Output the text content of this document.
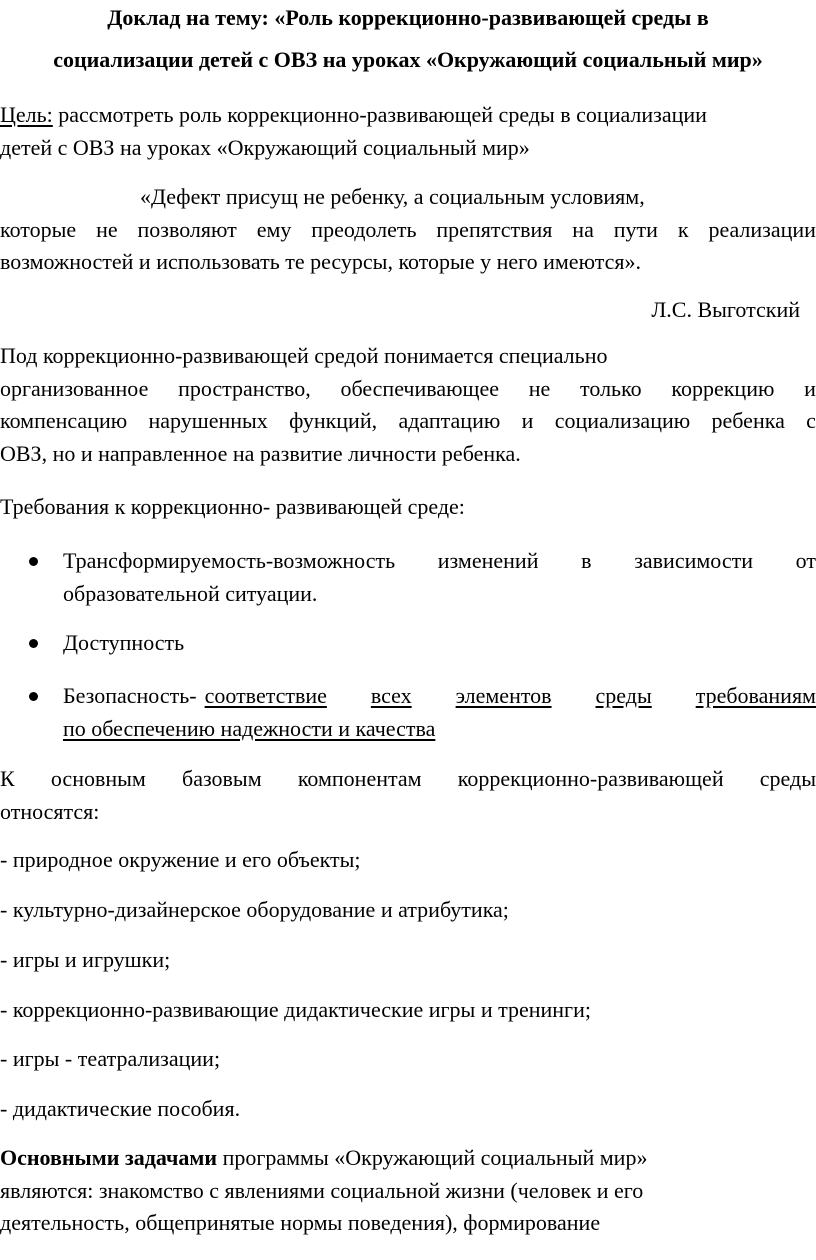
Доклад на тему: «Роль коррекционно-развивающей среды в
социализации детей с ОВЗ на уроках «Окружающий социальный мир»
Цель: рассмотреть роль коррекционно-развивающей среды в социализации
детей с ОВЗ на уроках «Окружающий социальный мир»
«Дефект присущ не ребенку, а социальным условиям,
которые не позволяют ему преодолеть препятствия на пути к реализации
возможностей и использовать те ресурсы, которые у него имеются».
Л.С. Выготский
Под коррекционно-развивающей средой понимается специально
организованное пространство, обеспечивающее не только коррекцию и
компенсацию нарушенных функций, адаптацию и социализацию ребенка с
ОВЗ, но и направленное на развитие личности ребенка.
Требования к коррекционно- развивающей среде:
Трансформируемость-возможность изменений в зависимости от
образовательной ситуации.
Доступность
Безопасность- соответствие всех элементов среды требованиям
по обеспечению надежности и качества
К основным базовым компонентам коррекционно-развивающей среды
относятся:
- природное окружение и его объекты;
- культурно-дизайнерское оборудование и атрибутика;
- игры и игрушки;
- коррекционно-развивающие дидактические игры и тренинги;
- игры - театрализации;
- дидактические пособия.
Основными задачами программы «Окружающий социальный мир»
являются: знакомство с явлениями социальной жизни (человек и его
деятельность, общепринятые нормы поведения), формирование
